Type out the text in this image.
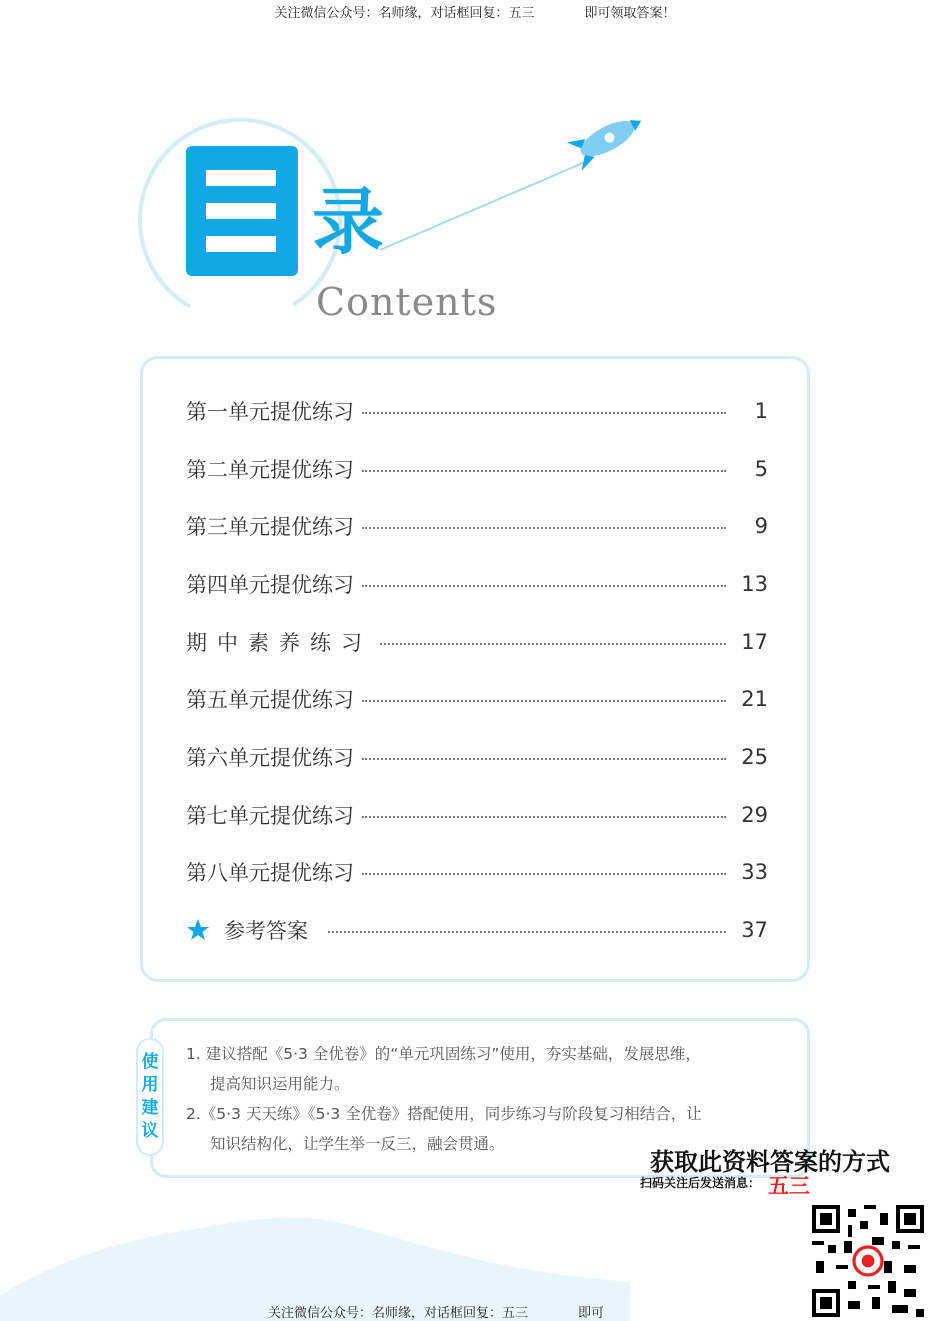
关注微信公众号：名师缘，对话框回复：五三	即可领取答案！
录
Contents
第一单元提优练习	1
第二单元提优练习	5
第三单元提优练习	9
第四单元提优练习	13
期中素养练习	17
第五单元提优练习	21
第六单元提优练习	25
第七单元提优练习	29
第八单元提优练习	33
参考答案	37
使
用
建
议
1. 建议搭配《5·3 全优卷》的“单元巩固练习”使用，夯实基础，发展思维，
提高知识运用能力。
2.《5·3 天天练》《5·3 全优卷》搭配使用，同步练习与阶段复习相结合，让
知识结构化，让学生举一反三，融会贯通。
关注微信公众号：名师缘，对话框回复：五三	即可
获取此资料答案的方式
扫码关注后发送消息： 五三
